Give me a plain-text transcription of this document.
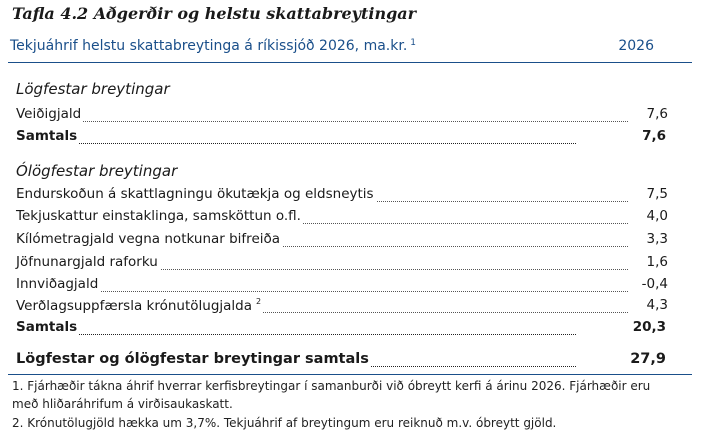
Tafla 4.2 Aðgerðir og helstu skattabreytingar
Tekjuáhrif helstu skattabreytinga á ríkissjóð 2026, ma.kr. $^1$	2026
Lögfestar breytingar
Veiðigjald	7,6
Samtals	7,6
Ólögfestar breytingar
Endurskoðun á skattlagningu ökutækja og eldsneytis	7,5
Tekjuskattur einstaklinga, samsköttun o.fl.	4,0
Kílómetragjald vegna notkunar bifreiða	3,3
Jöfnunargjald raforku	1,6
Innviðagjald	-0,4
Verðlagsuppfærsla krónutölugjalda $^2$	4,3
Samtals	20,3
Lögfestar og ólögfestar breytingar samtals	27,9
1. Fjárhæðir tákna áhrif hverrar kerfisbreytingar í samanburði við óbreytt kerfi á árinu 2026. Fjárhæðir eru
með hliðaráhrifum á virðisaukaskatt.
2. Krónutölugjöld hækka um 3,7%. Tekjuáhrif af breytingum eru reiknuð m.v. óbreytt gjöld.
